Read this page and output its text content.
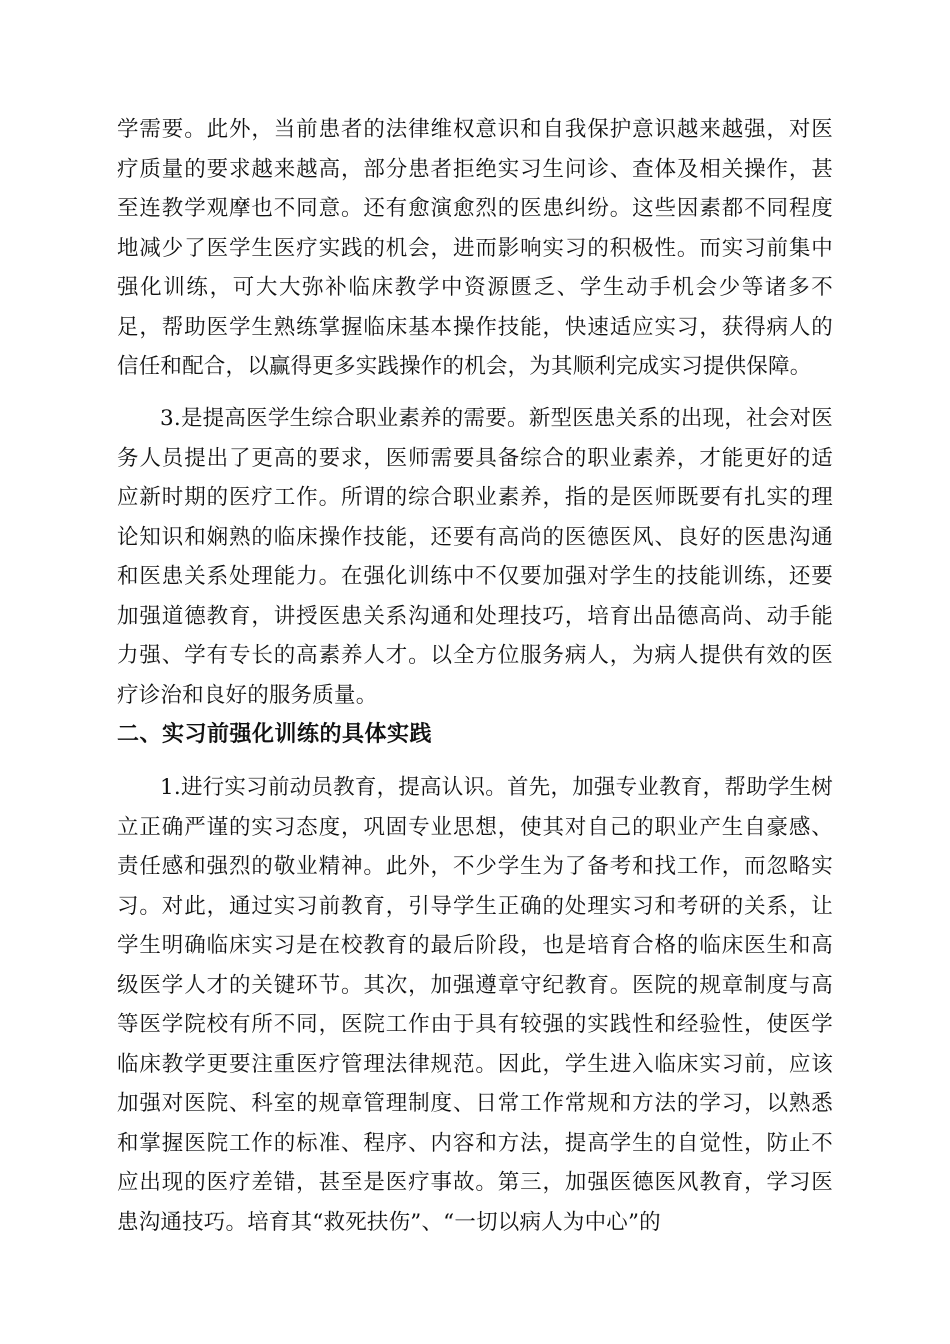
学需要。此外，当前患者的法律维权意识和自我保护意识越来越强，对医疗质量的要求越来越高，部分患者拒绝实习生问诊、查体及相关操作，甚至连教学观摩也不同意。还有愈演愈烈的医患纠纷。这些因素都不同程度地减少了医学生医疗实践的机会，进而影响实习的积极性。而实习前集中强化训练，可大大弥补临床教学中资源匮乏、学生动手机会少等诸多不足，帮助医学生熟练掌握临床基本操作技能，快速适应实习，获得病人的信任和配合，以赢得更多实践操作的机会，为其顺利完成实习提供保障。

3.是提高医学生综合职业素养的需要。新型医患关系的出现，社会对医务人员提出了更高的要求，医师需要具备综合的职业素养，才能更好的适应新时期的医疗工作。所谓的综合职业素养，指的是医师既要有扎实的理论知识和娴熟的临床操作技能，还要有高尚的医德医风、良好的医患沟通和医患关系处理能力。在强化训练中不仅要加强对学生的技能训练，还要加强道德教育，讲授医患关系沟通和处理技巧，培育出品德高尚、动手能力强、学有专长的高素养人才。以全方位服务病人，为病人提供有效的医疗诊治和良好的服务质量。

二、实习前强化训练的具体实践

1.进行实习前动员教育，提高认识。首先，加强专业教育，帮助学生树立正确严谨的实习态度，巩固专业思想，使其对自己的职业产生自豪感、责任感和强烈的敬业精神。此外，不少学生为了备考和找工作，而忽略实习。对此，通过实习前教育，引导学生正确的处理实习和考研的关系，让学生明确临床实习是在校教育的最后阶段，也是培育合格的临床医生和高级医学人才的关键环节。其次，加强遵章守纪教育。医院的规章制度与高等医学院校有所不同，医院工作由于具有较强的实践性和经验性，使医学临床教学更要注重医疗管理法律规范。因此，学生进入临床实习前，应该加强对医院、科室的规章管理制度、日常工作常规和方法的学习，以熟悉和掌握医院工作的标准、程序、内容和方法，提高学生的自觉性，防止不应出现的医疗差错，甚至是医疗事故。第三，加强医德医风教育，学习医患沟通技巧。培育其“救死扶伤”、“一切以病人为中心”的
